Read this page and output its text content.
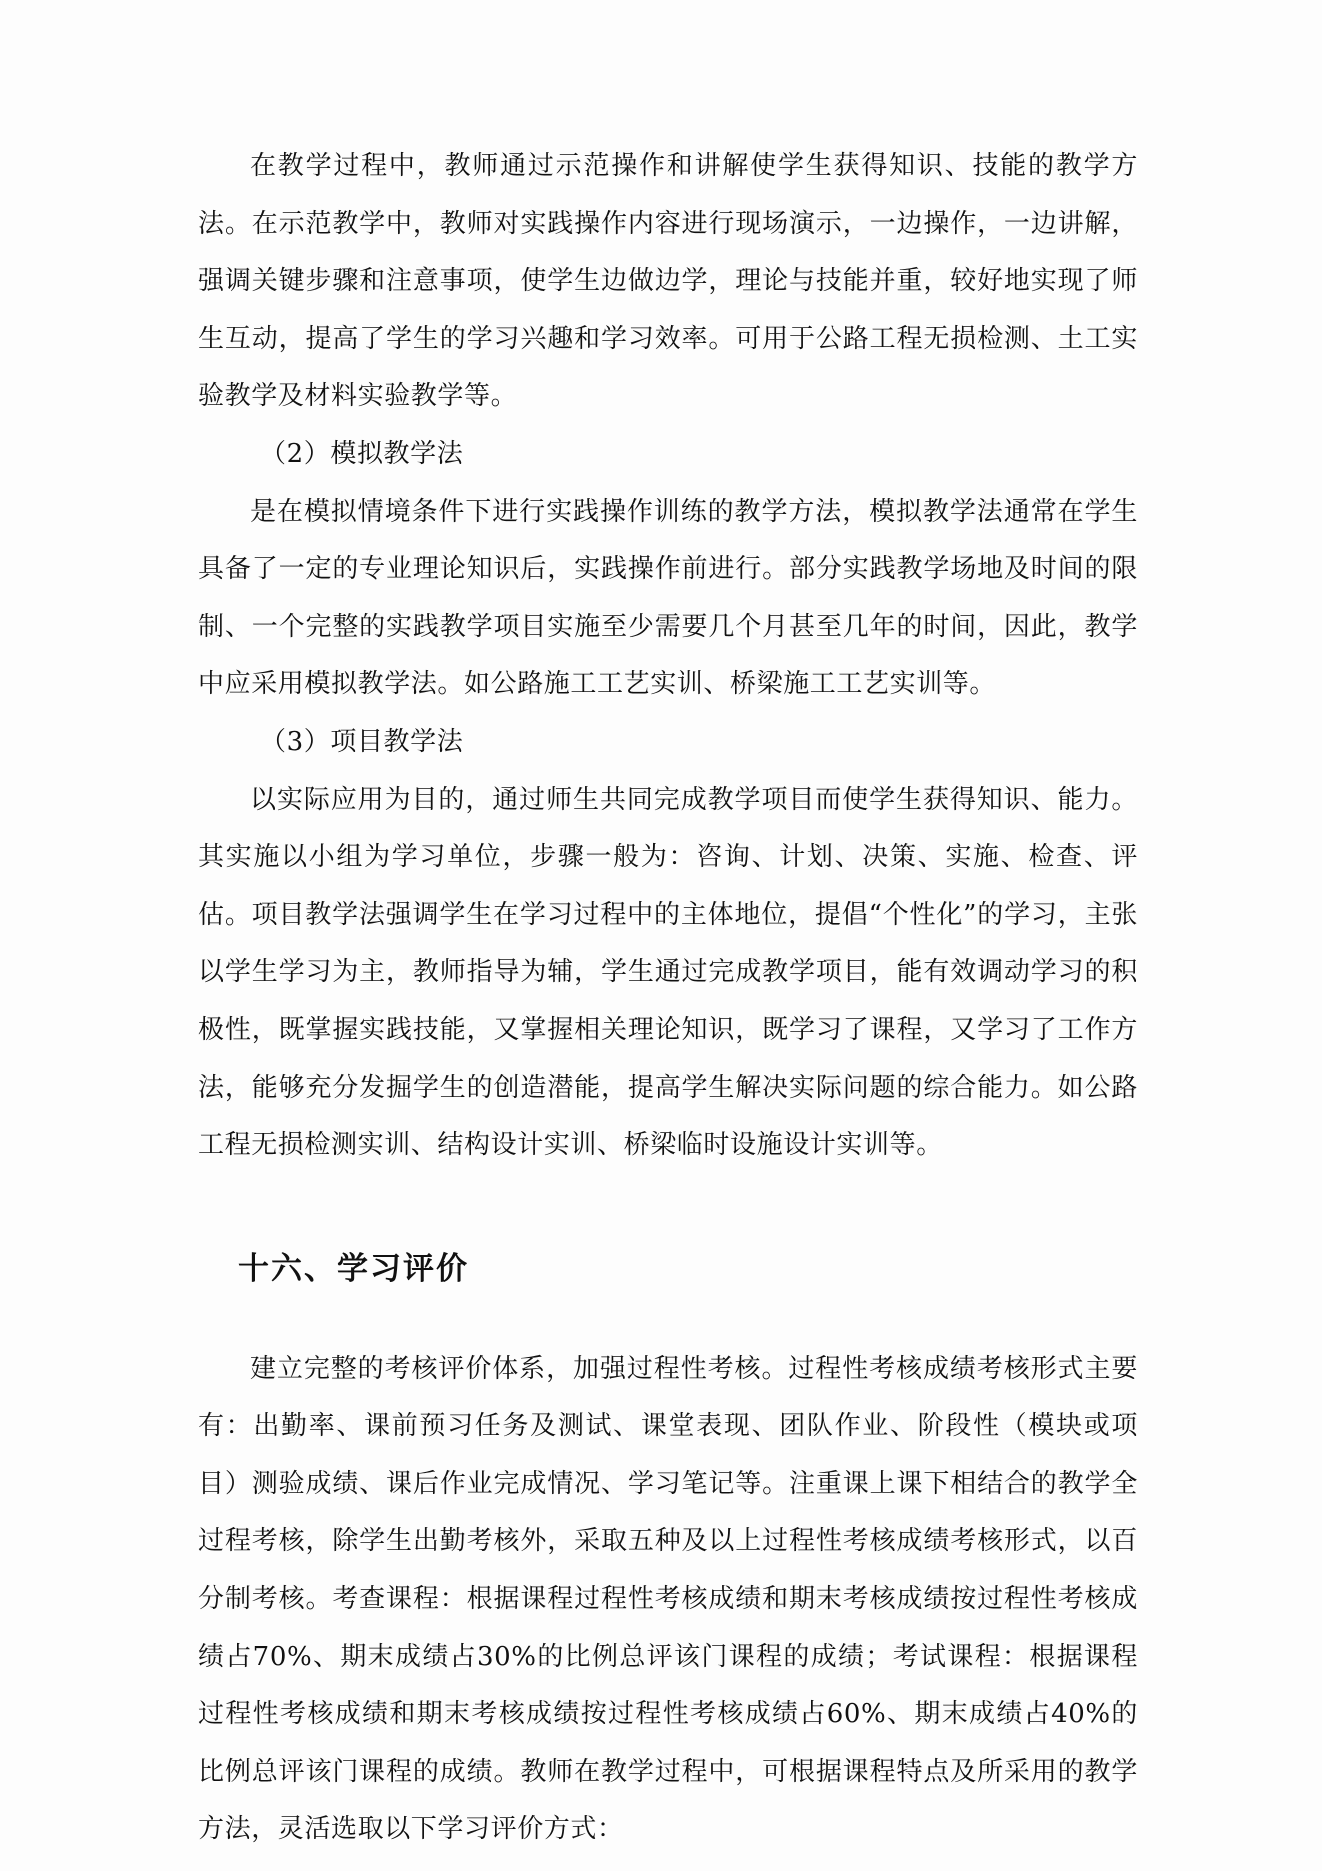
在教学过程中，教师通过示范操作和讲解使学生获得知识、技能的教学方法。在示范教学中，教师对实践操作内容进行现场演示，一边操作，一边讲解，强调关键步骤和注意事项，使学生边做边学，理论与技能并重，较好地实现了师生互动，提高了学生的学习兴趣和学习效率。可用于公路工程无损检测、土工实验教学及材料实验教学等。

（2）模拟教学法

是在模拟情境条件下进行实践操作训练的教学方法，模拟教学法通常在学生具备了一定的专业理论知识后，实践操作前进行。部分实践教学场地及时间的限制、一个完整的实践教学项目实施至少需要几个月甚至几年的时间，因此，教学中应采用模拟教学法。如公路施工工艺实训、桥梁施工工艺实训等。

（3）项目教学法

以实际应用为目的，通过师生共同完成教学项目而使学生获得知识、能力。其实施以小组为学习单位，步骤一般为：咨询、计划、决策、实施、检查、评估。项目教学法强调学生在学习过程中的主体地位，提倡“个性化”的学习，主张以学生学习为主，教师指导为辅，学生通过完成教学项目，能有效调动学习的积极性，既掌握实践技能，又掌握相关理论知识，既学习了课程，又学习了工作方法，能够充分发掘学生的创造潜能，提高学生解决实际问题的综合能力。如公路工程无损检测实训、结构设计实训、桥梁临时设施设计实训等。

十六、学习评价

建立完整的考核评价体系，加强过程性考核。过程性考核成绩考核形式主要有：出勤率、课前预习任务及测试、课堂表现、团队作业、阶段性（模块或项目）测验成绩、课后作业完成情况、学习笔记等。注重课上课下相结合的教学全过程考核，除学生出勤考核外，采取五种及以上过程性考核成绩考核形式，以百分制考核。考查课程：根据课程过程性考核成绩和期末考核成绩按过程性考核成绩占70%、期末成绩占30%的比例总评该门课程的成绩；考试课程：根据课程过程性考核成绩和期末考核成绩按过程性考核成绩占60%、期末成绩占40%的比例总评该门课程的成绩。教师在教学过程中，可根据课程特点及所采用的教学方法，灵活选取以下学习评价方式：
